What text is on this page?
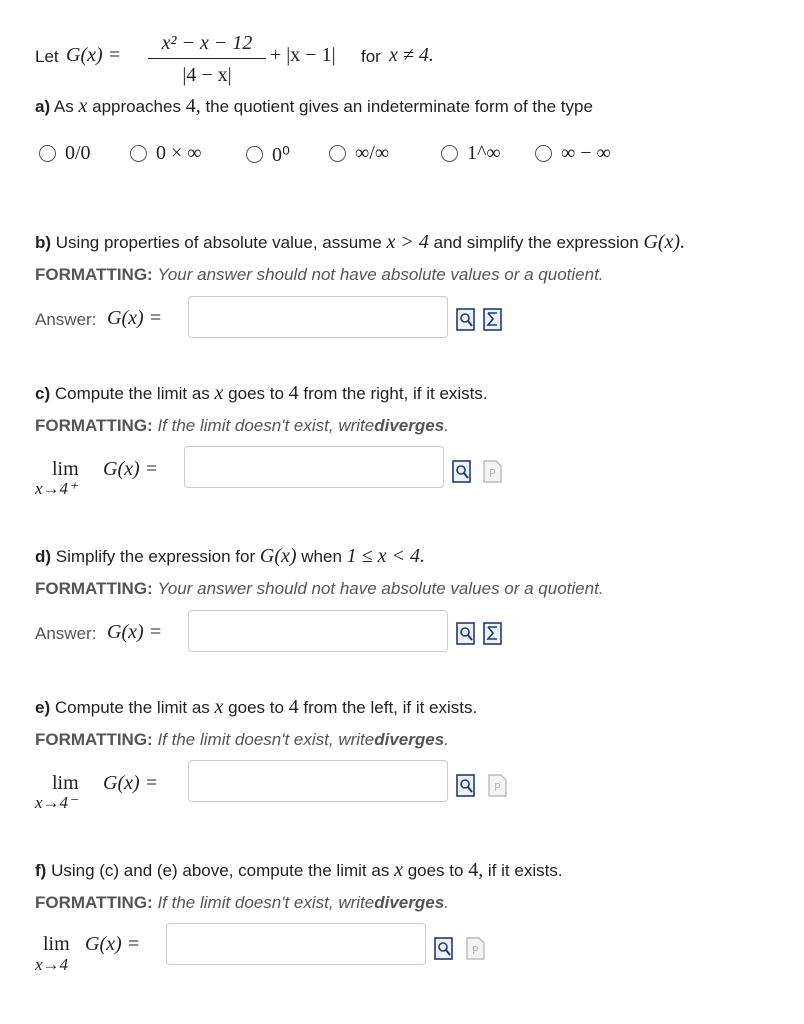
Let G(x) =
x² − x − 12
|4 − x|
+ |x − 1| for x ≠ 4.
a) As x approaches 4, the quotient gives an indeterminate form of the type
0/0	0 × ∞	0⁰	∞/∞	1^∞	∞ − ∞
b) Using properties of absolute value, assume x > 4 and simplify the expression G(x).
FORMATTING: Your answer should not have absolute values or a quotient.
Answer: G(x) =
c) Compute the limit as x goes to 4 from the right, if it exists.
FORMATTING: If the limit doesn't exist, writediverges.
lim
x→4⁺
G(x) =	P
d) Simplify the expression for G(x) when 1 ≤ x < 4.
FORMATTING: Your answer should not have absolute values or a quotient.
Answer: G(x) =
e) Compute the limit as x goes to 4 from the left, if it exists.
FORMATTING: If the limit doesn't exist, writediverges.
lim
x→4⁻
G(x) =	P
f) Using (c) and (e) above, compute the limit as x goes to 4, if it exists.
FORMATTING: If the limit doesn't exist, writediverges.
lim
x→4
G(x) =	P
